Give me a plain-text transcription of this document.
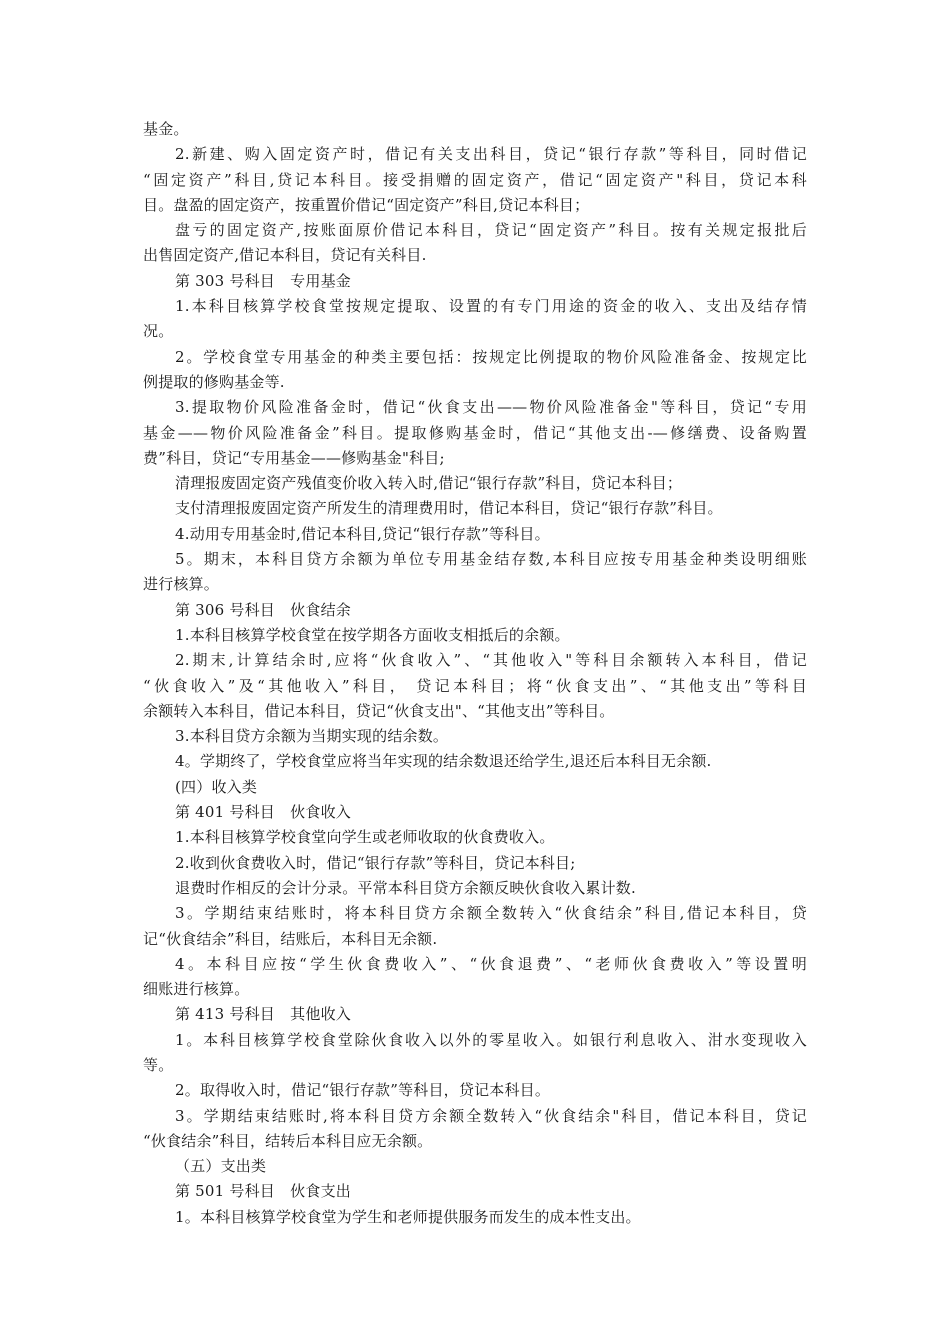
基金。
2.新建、购入固定资产时，借记有关支出科目，贷记“银行存款”等科目，同时借记
“固定资产”科目,贷记本科目。接受捐赠的固定资产，借记“固定资产"科目，贷记本科
目。盘盈的固定资产，按重置价借记“固定资产”科目,贷记本科目；
盘亏的固定资产,按账面原价借记本科目，贷记“固定资产”科目。按有关规定报批后
出售固定资产,借记本科目，贷记有关科目.
第 303 号科目　专用基金
1.本科目核算学校食堂按规定提取、设置的有专门用途的资金的收入、支出及结存情
况。
2。学校食堂专用基金的种类主要包括：按规定比例提取的物价风险准备金、按规定比
例提取的修购基金等.
3.提取物价风险准备金时，借记“伙食支出——物价风险准备金"等科目，贷记“专用
基金——物价风险准备金”科目。提取修购基金时，借记“其他支出-—修缮费、设备购置
费”科目，贷记“专用基金——修购基金"科目;
清理报废固定资产残值变价收入转入时,借记“银行存款”科目，贷记本科目；
支付清理报废固定资产所发生的清理费用时，借记本科目，贷记“银行存款”科目。
4.动用专用基金时,借记本科目,贷记“银行存款”等科目。
5。期末，本科目贷方余额为单位专用基金结存数,本科目应按专用基金种类设明细账
进行核算。
第 306 号科目　伙食结余
1.本科目核算学校食堂在按学期各方面收支相抵后的余额。
2.期末,计算结余时,应将“伙食收入”、“其他收入"等科目余额转入本科目，借记
“伙食收入”及“其他收入”科目， 贷记本科目；将“伙食支出”、“其他支出”等科目
余额转入本科目，借记本科目，贷记“伙食支出"、“其他支出”等科目。
3.本科目贷方余额为当期实现的结余数。
4。学期终了，学校食堂应将当年实现的结余数退还给学生,退还后本科目无余额.
(四）收入类
第 401 号科目　伙食收入
1.本科目核算学校食堂向学生或老师收取的伙食费收入。
2.收到伙食费收入时，借记“银行存款”等科目，贷记本科目;
退费时作相反的会计分录。平常本科目贷方余额反映伙食收入累计数.
3。学期结束结账时，将本科目贷方余额全数转入“伙食结余”科目,借记本科目，贷
记“伙食结余”科目，结账后，本科目无余额.
4。本科目应按“学生伙食费收入”、“伙食退费”、“老师伙食费收入”等设置明
细账进行核算。
第 413 号科目　其他收入
1。本科目核算学校食堂除伙食收入以外的零星收入。如银行利息收入、泔水变现收入
等。
2。取得收入时，借记“银行存款”等科目，贷记本科目。
3。学期结束结账时,将本科目贷方余额全数转入“伙食结余"科目，借记本科目，贷记
“伙食结余”科目，结转后本科目应无余额。
（五）支出类
第 501 号科目　伙食支出
1。本科目核算学校食堂为学生和老师提供服务而发生的成本性支出。
